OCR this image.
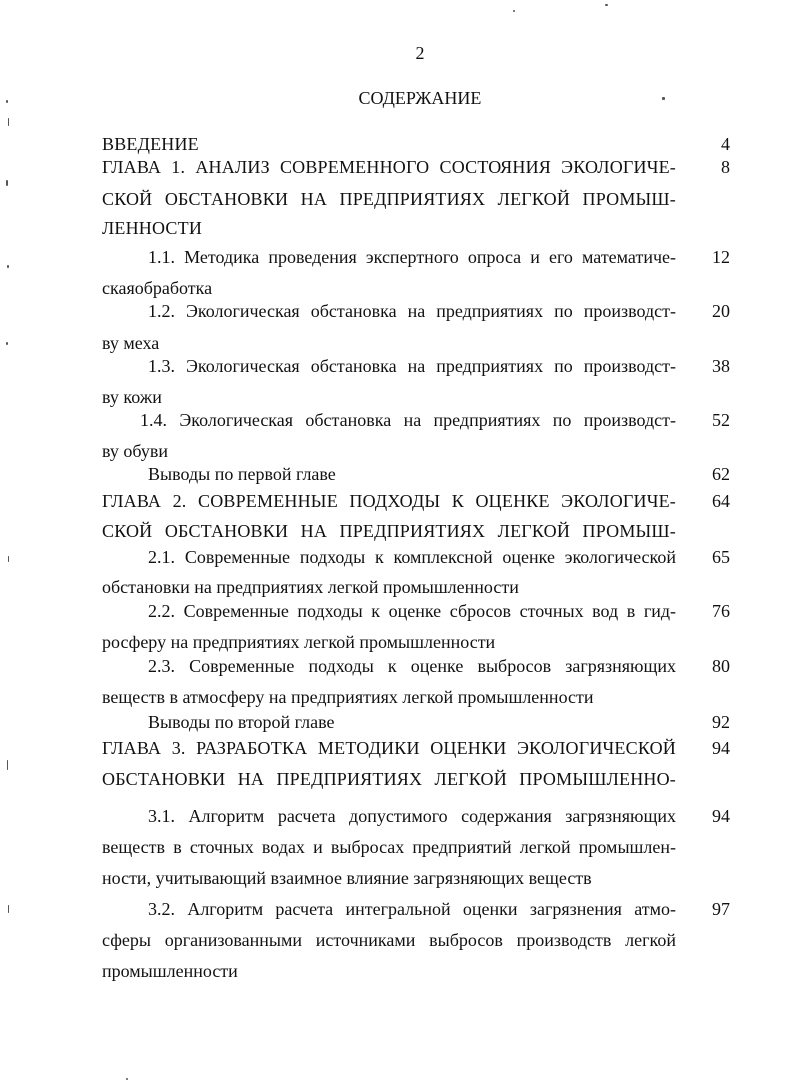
2
СОДЕРЖАНИЕ
ВВЕДЕНИЕ	4
ГЛАВА 1. АНАЛИЗ СОВРЕМЕННОГО СОСТОЯНИЯ ЭКОЛОГИЧЕ-
СКОЙ ОБСТАНОВКИ НА ПРЕДПРИЯТИЯХ ЛЕГКОЙ ПРОМЫШ-
ЛЕННОСТИ
8
1.1. Методика проведения экспертного опроса и его математиче-
скаяобработка
12
1.2. Экологическая обстановка на предприятиях по производст-
ву меха
20
1.3. Экологическая обстановка на предприятиях по производст-
ву кожи
38
1.4. Экологическая обстановка на предприятиях по производст-
ву обуви
52
Выводы по первой главе	62
ГЛАВА 2. СОВРЕМЕННЫЕ ПОДХОДЫ К ОЦЕНКЕ ЭКОЛОГИЧЕ-
СКОЙ ОБСТАНОВКИ НА ПРЕДПРИЯТИЯХ ЛЕГКОЙ ПРОМЫШ-
64
2.1. Современные подходы к комплексной оценке экологической
обстановки на предприятиях легкой промышленности
65
2.2. Современные подходы к оценке сбросов сточных вод в гид-
росферу на предприятиях легкой промышленности
76
2.3. Современные подходы к оценке выбросов загрязняющих
веществ в атмосферу на предприятиях легкой промышленности
80
Выводы по второй главе	92
ГЛАВА 3. РАЗРАБОТКА МЕТОДИКИ ОЦЕНКИ ЭКОЛОГИЧЕСКОЙ
ОБСТАНОВКИ НА ПРЕДПРИЯТИЯХ ЛЕГКОЙ ПРОМЫШЛЕННО-
94
3.1. Алгоритм расчета допустимого содержания загрязняющих
веществ в сточных водах и выбросах предприятий легкой промышлен-
ности, учитывающий взаимное влияние загрязняющих веществ
94
3.2. Алгоритм расчета интегральной оценки загрязнения атмо-
сферы организованными источниками выбросов производств легкой
промышленности
97
